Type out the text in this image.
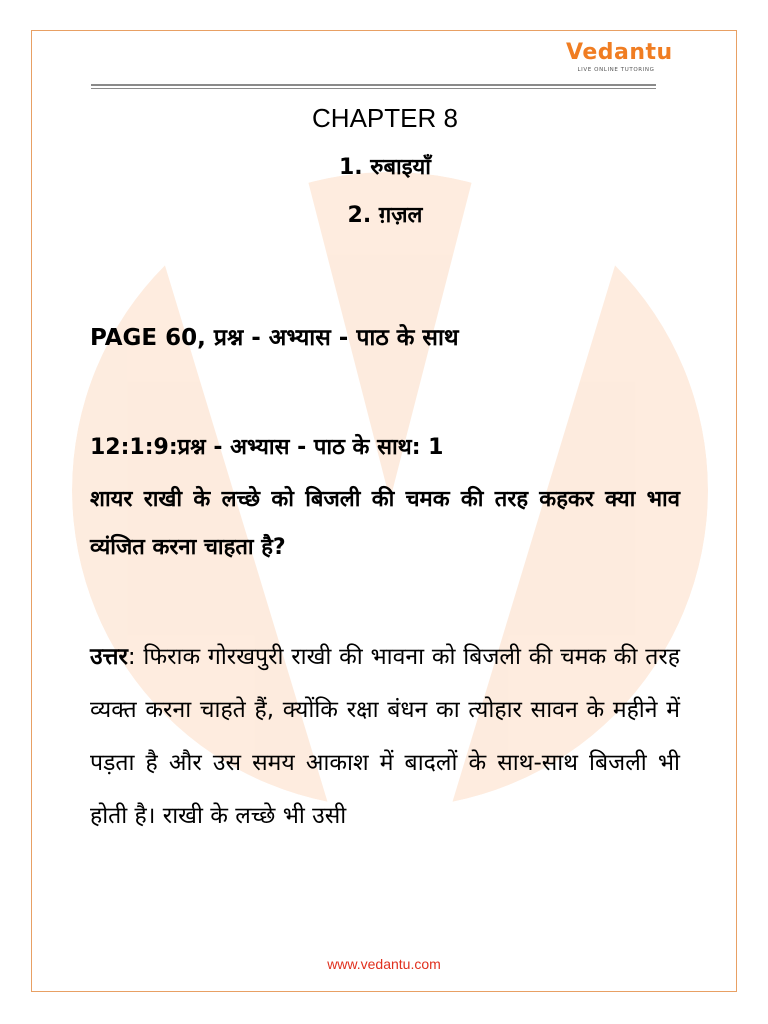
Vedantu
LIVE ONLINE TUTORING

CHAPTER 8

1. रुबाइयाँ

2. ग़ज़ल

PAGE 60, प्रश्न - अभ्यास - पाठ के साथ

12:1:9:प्रश्न - अभ्यास - पाठ के साथ: 1

शायर राखी के लच्छे को बिजली की चमक की तरह कहकर क्या भाव व्यंजित करना चाहता है?

उत्तर: फिराक गोरखपुरी राखी की भावना को बिजली की चमक की तरह व्यक्त करना चाहते हैं, क्योंकि रक्षा बंधन का त्योहार सावन के महीने में पड़ता है और उस समय आकाश में बादलों के साथ-साथ बिजली भी होती है। राखी के लच्छे भी उसी

www.vedantu.com
